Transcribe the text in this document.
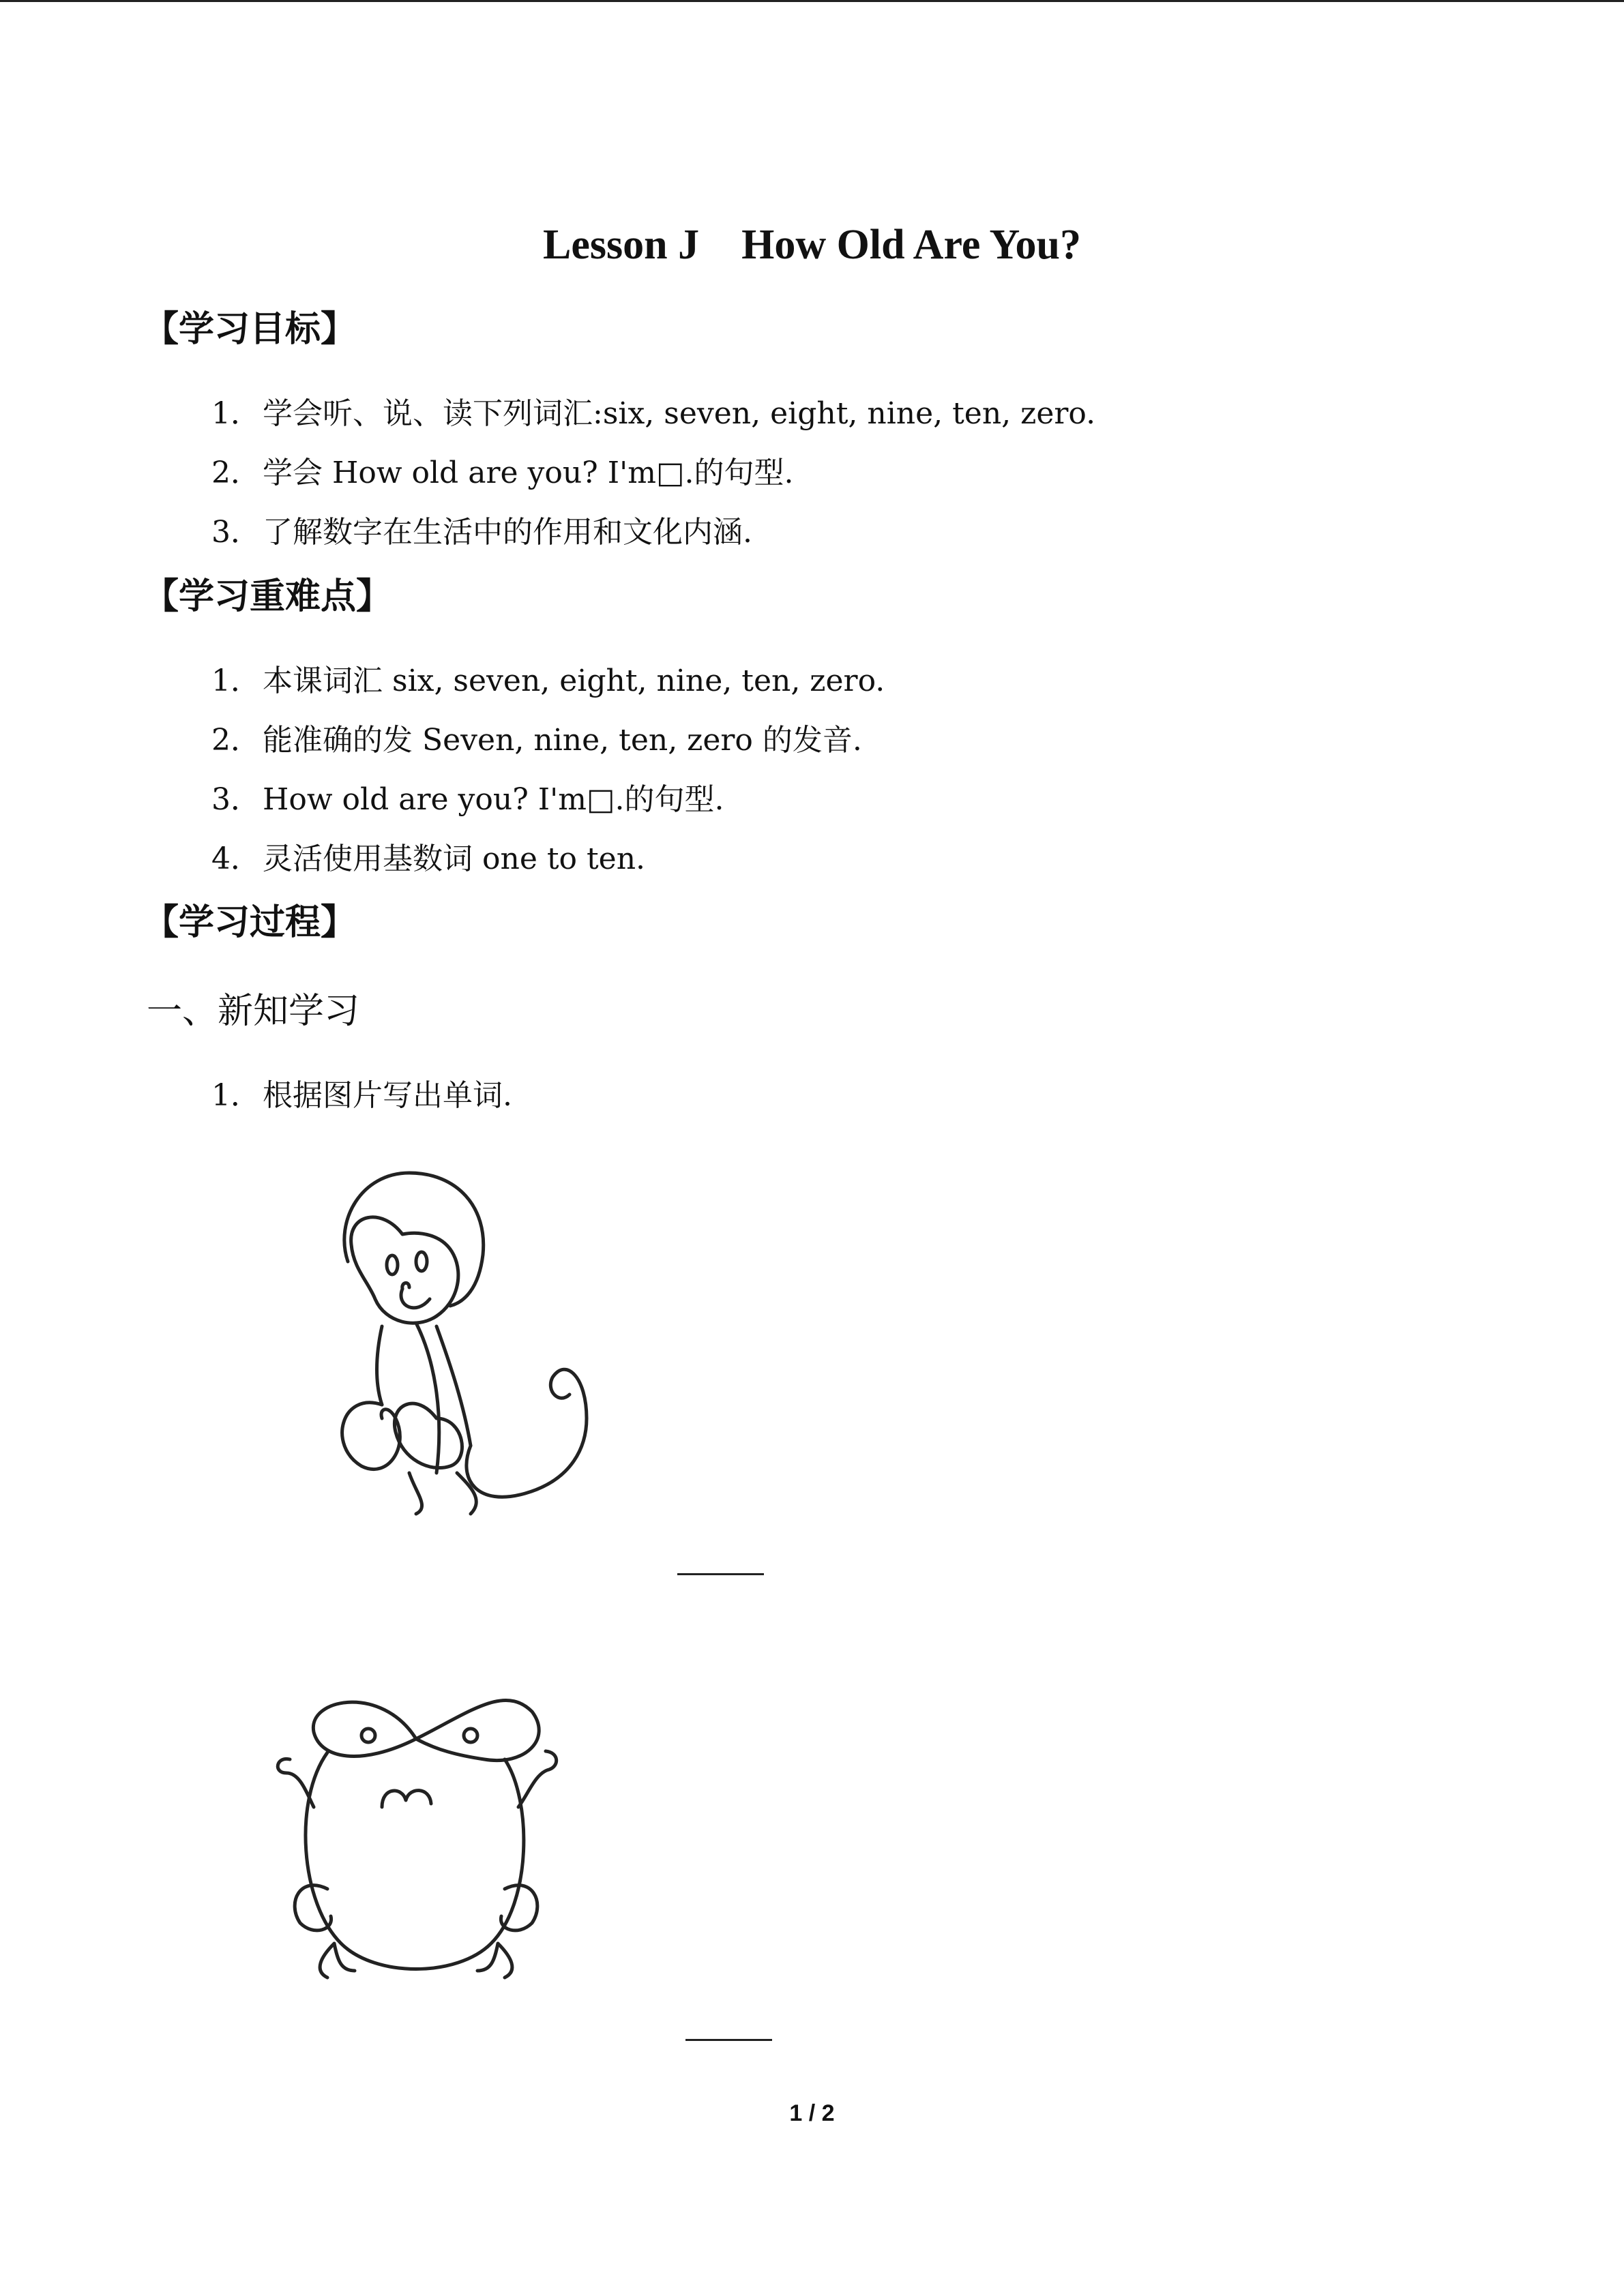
Lesson J　How Old Are You?
【学习目标】
1．学会听、说、读下列词汇:six, seven, eight, nine, ten, zero.
2．学会 How old are you? I'm□.的句型.
3．了解数字在生活中的作用和文化内涵.
【学习重难点】
1．本课词汇 six, seven, eight, nine, ten, zero.
2．能准确的发 Seven, nine, ten, zero 的发音.
3．How old are you? I'm□.的句型.
4．灵活使用基数词 one to ten.
【学习过程】
一、新知学习
1．根据图片写出单词.
1 / 2
